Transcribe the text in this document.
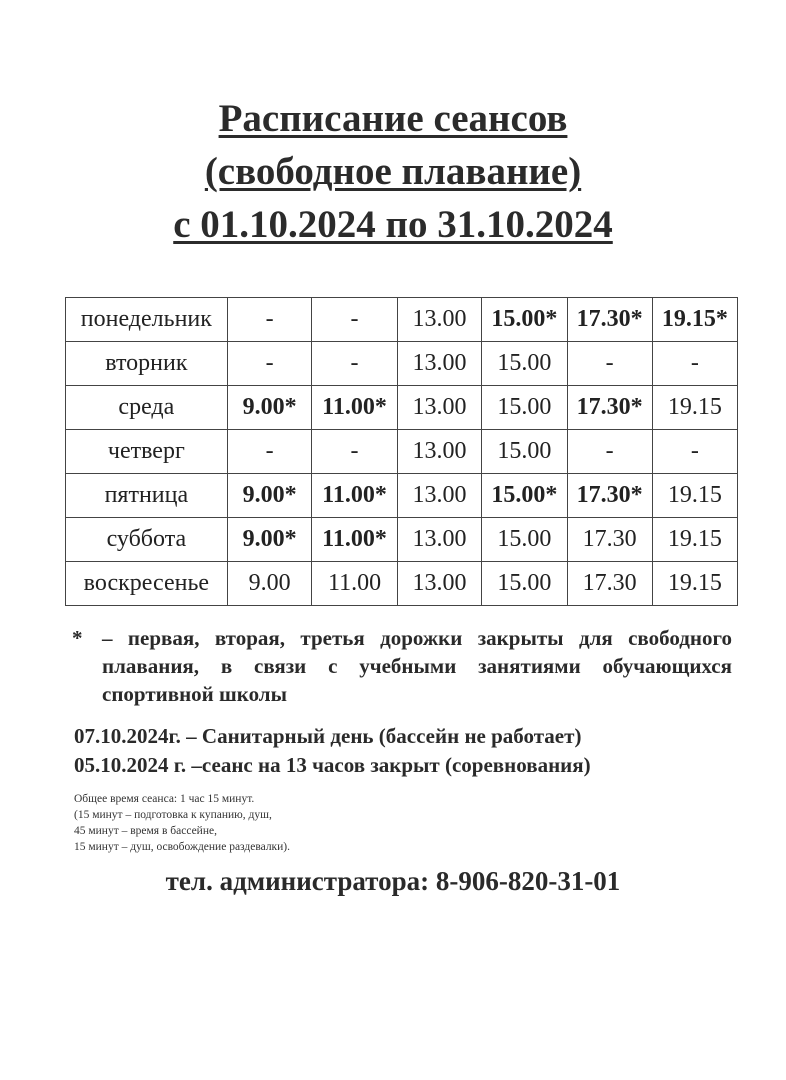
Расписание сеансов
(свободное плавание)
с 01.10.2024 по 31.10.2024
понедельник	-	-	13.00	15.00*	17.30*	19.15*
вторник	-	-	13.00	15.00	-	-
среда	9.00*	11.00*	13.00	15.00	17.30*	19.15
четверг	-	-	13.00	15.00	-	-
пятница	9.00*	11.00*	13.00	15.00*	17.30*	19.15
суббота	9.00*	11.00*	13.00	15.00	17.30	19.15
воскресенье	9.00	11.00	13.00	15.00	17.30	19.15
* – первая, вторая, третья дорожки закрыты для свободного плавания, в связи с учебными занятиями обучающихся спортивной школы
07.10.2024г. – Санитарный день (бассейн не работает)
05.10.2024 г. –сеанс на 13 часов закрыт (соревнования)
Общее время сеанса: 1 час 15 минут.
(15 минут – подготовка к купанию, душ,
45 минут – время в бассейне,
15 минут – душ, освобождение раздевалки).
тел. администратора: 8-906-820-31-01
